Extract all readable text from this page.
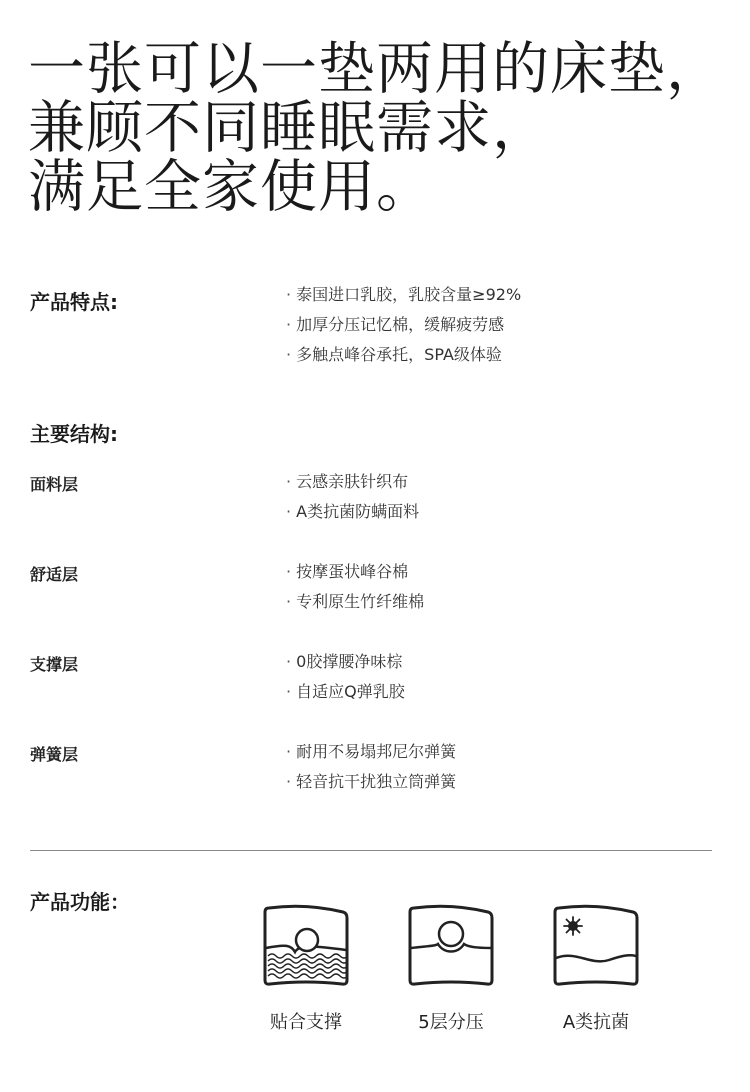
一张可以一垫两用的床垫，
兼顾不同睡眠需求，
满足全家使用。
产品特点:	· 泰国进口乳胶，乳胶含量≥92%
· 加厚分压记忆棉，缓解疲劳感
· 多触点峰谷承托，SPA级体验
主要结构:
面料层	· 云感亲肤针织布
· A类抗菌防螨面料
舒适层	· 按摩蛋状峰谷棉
· 专利原生竹纤维棉
支撑层	· 0胶撑腰净味棕
· 自适应Q弹乳胶
弹簧层	· 耐用不易塌邦尼尔弹簧
· 轻音抗干扰独立筒弹簧
产品功能：
贴合支撑	5层分压	A类抗菌
